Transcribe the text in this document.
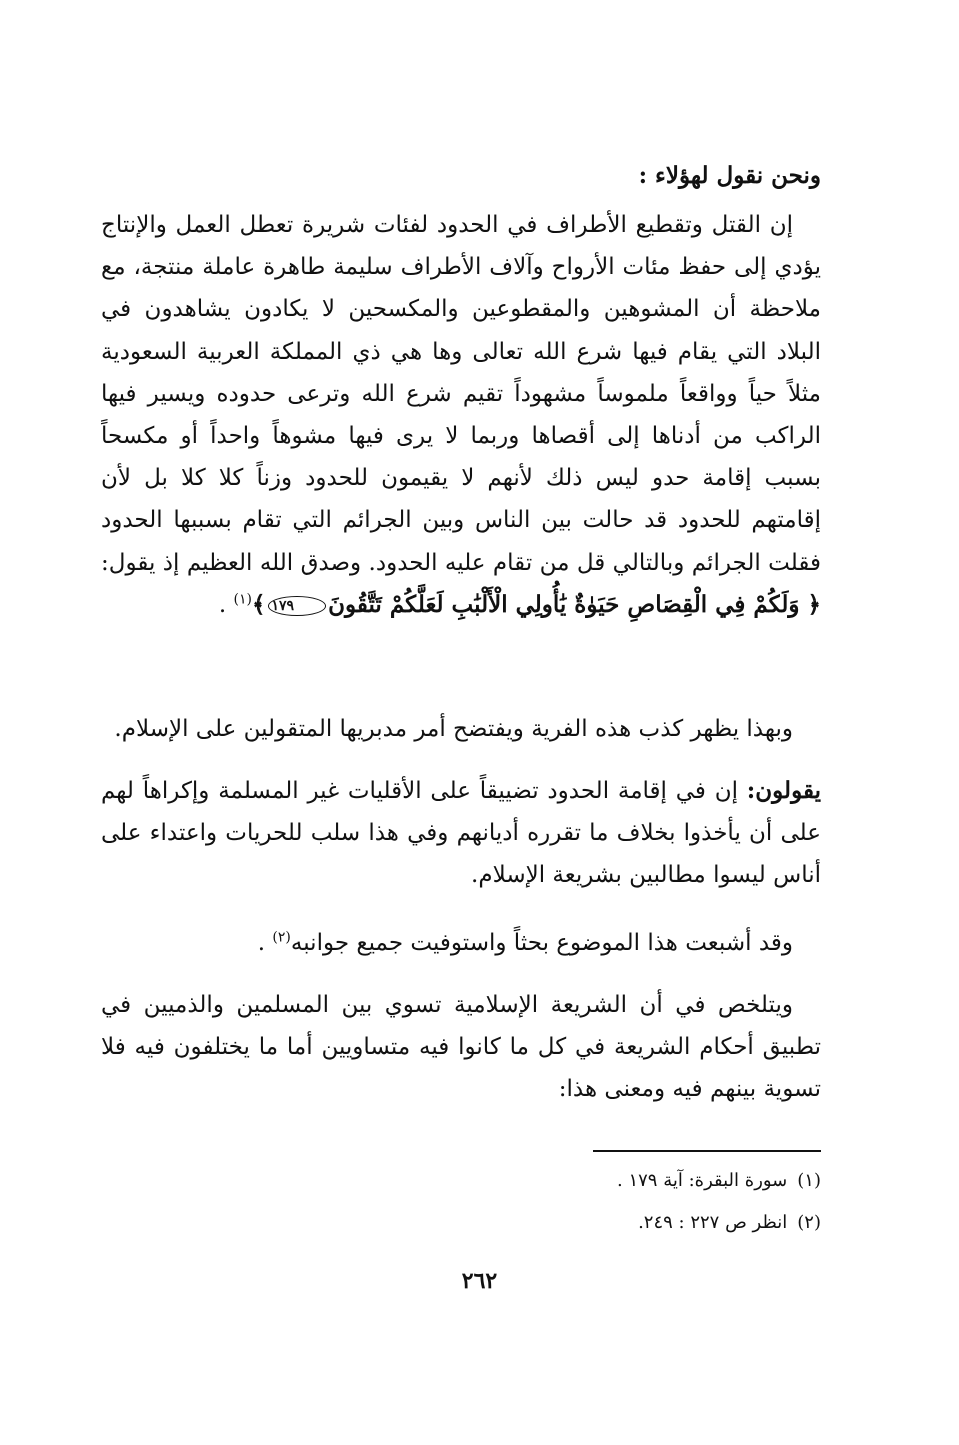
ونحن نقول لهؤلاء :

إن القتل وتقطيع الأطراف في الحدود لفئات شريرة تعطل العمل والإنتاج يؤدي إلى حفظ مئات الأرواح وآلاف الأطراف سليمة طاهرة عاملة منتجة، مع ملاحظة أن المشوهين والمقطوعين والمكسحين لا يكادون يشاهدون في البلاد التي يقام فيها شرع الله تعالى وها هي ذي المملكة العربية السعودية مثلاً حياً وواقعاً ملموساً مشهوداً تقيم شرع الله وترعى حدوده ويسير فيها الراكب من أدناها إلى أقصاها وربما لا يرى فيها مشوهاً واحداً أو مكسحاً بسبب إقامة حدو ليس ذلك لأنهم لا يقيمون للحدود وزناً كلا كلا بل لأن إقامتهم للحدود قد حالت بين الناس وبين الجرائم التي تقام بسببها الحدود فقلت الجرائم وبالتالي قل من تقام عليه الحدود. وصدق الله العظيم إذ يقول: ﴿ وَلَكُمْ فِي الْقِصَاصِ حَيَوٰةٌ يَٰأُولِي الْأَلْبَٰبِ لَعَلَّكُمْ تَتَّقُونَ١٧٩﴾$^{(١)}$ .

وبهذا يظهر كذب هذه الفرية ويفتضح أمر مدبريها المتقولين على الإسلام.

يقولون: إن في إقامة الحدود تضييقاً على الأقليات غير المسلمة وإكراهاً لهم على أن يأخذوا بخلاف ما تقرره أديانهم وفي هذا سلب للحريات واعتداء على أناس ليسوا مطالبين بشريعة الإسلام.

وقد أشبعت هذا الموضوع بحثاً واستوفيت جميع جوانبه$^{(٢)}$ .

ويتلخص في أن الشريعة الإسلامية تسوي بين المسلمين والذميين في تطبيق أحكام الشريعة في كل ما كانوا فيه متساويين أما ما يختلفون فيه فلا تسوية بينهم فيه ومعنى هذا:

(١)سورة البقرة: آية ١٧٩ .
(٢)انظر ص ٢٢٧ : ٢٤٩.
٢٦٢
